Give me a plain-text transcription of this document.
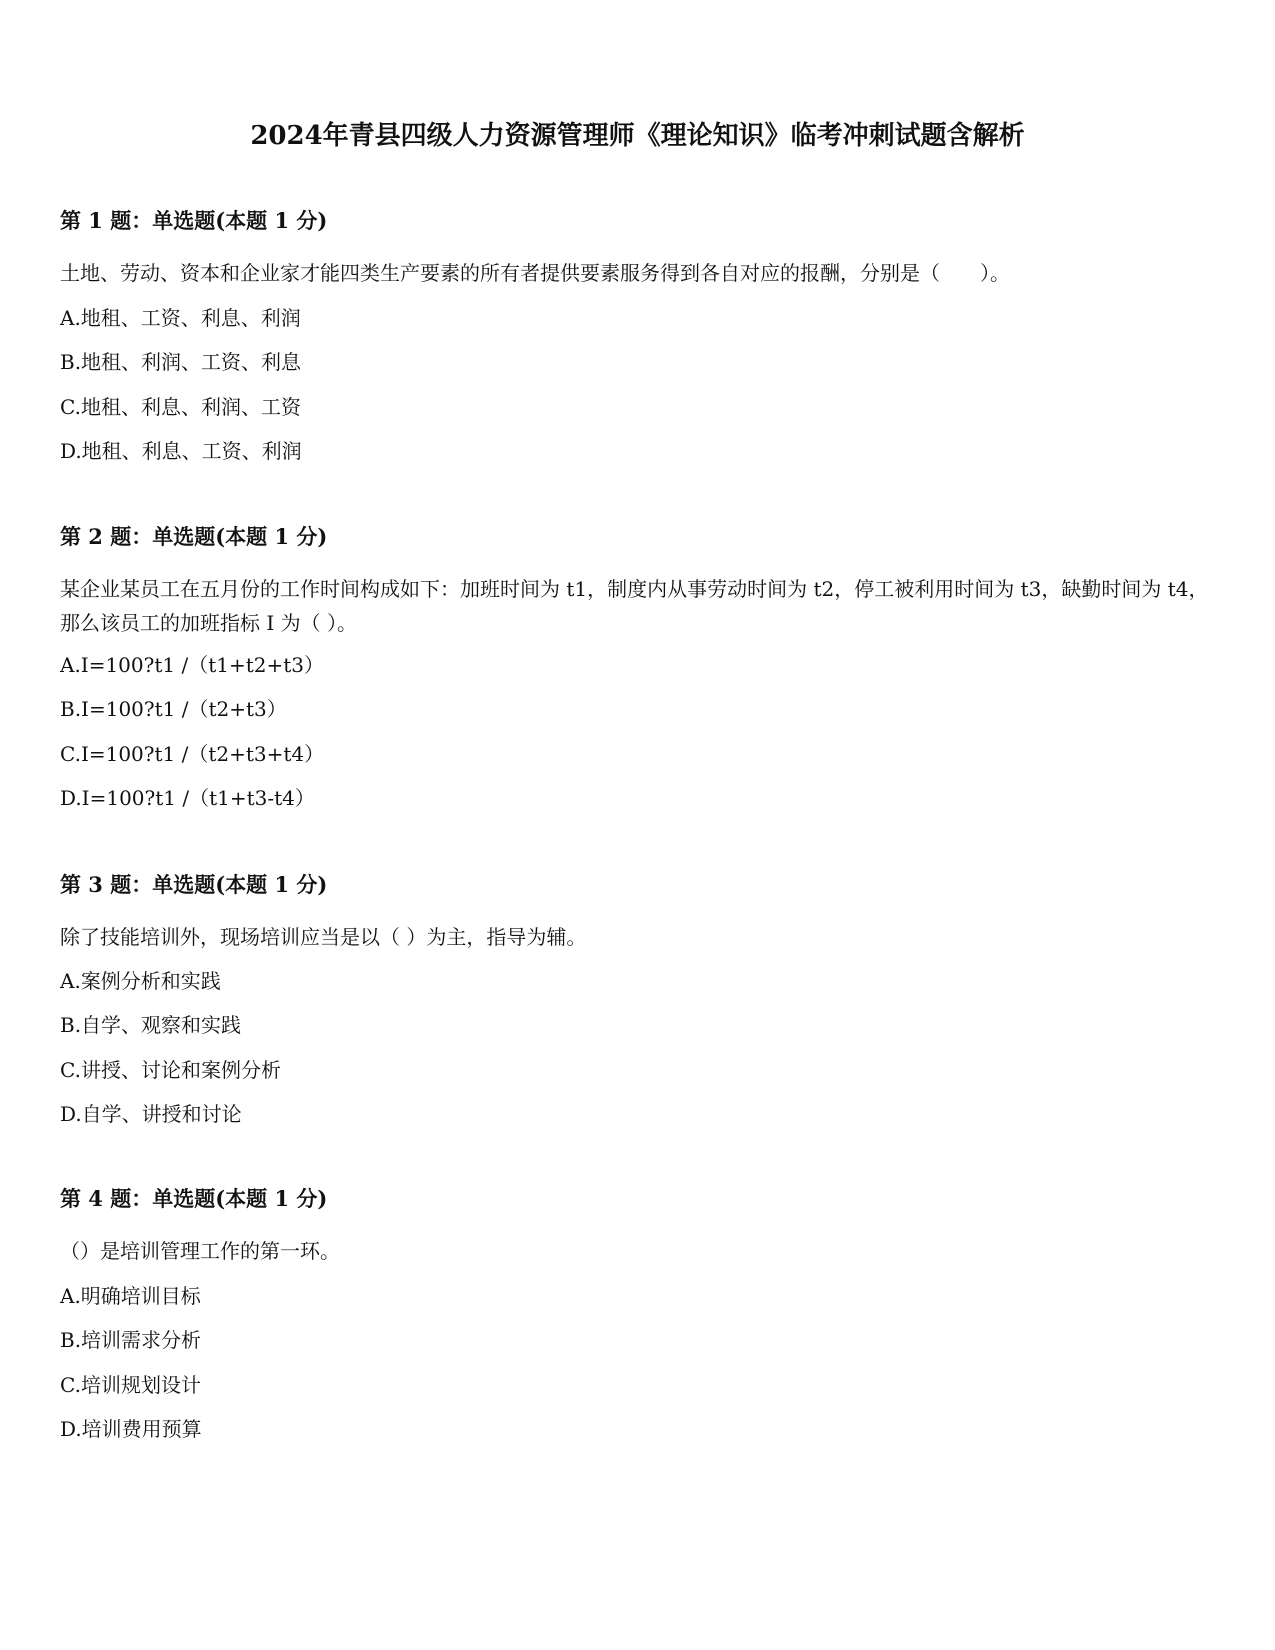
2024年青县四级人力资源管理师《理论知识》临考冲刺试题含解析

第 1 题：单选题(本题 1 分)

土地、劳动、资本和企业家才能四类生产要素的所有者提供要素服务得到各自对应的报酬，分别是（　　）。

A.地租、工资、利息、利润

B.地租、利润、工资、利息

C.地租、利息、利润、工资

D.地租、利息、工资、利润

第 2 题：单选题(本题 1 分)

某企业某员工在五月份的工作时间构成如下：加班时间为 t1，制度内从事劳动时间为 t2，停工被利用时间为 t3，缺勤时间为 t4，那么该员工的加班指标 I 为（ ）。

A.I=100?t1 /（t1+t2+t3）

B.I=100?t1 /（t2+t3）

C.I=100?t1 /（t2+t3+t4）

D.I=100?t1 /（t1+t3-t4）

第 3 题：单选题(本题 1 分)

除了技能培训外，现场培训应当是以（ ）为主，指导为辅。

A.案例分析和实践

B.自学、观察和实践

C.讲授、讨论和案例分析

D.自学、讲授和讨论

第 4 题：单选题(本题 1 分)

（）是培训管理工作的第一环。

A.明确培训目标

B.培训需求分析

C.培训规划设计

D.培训费用预算
